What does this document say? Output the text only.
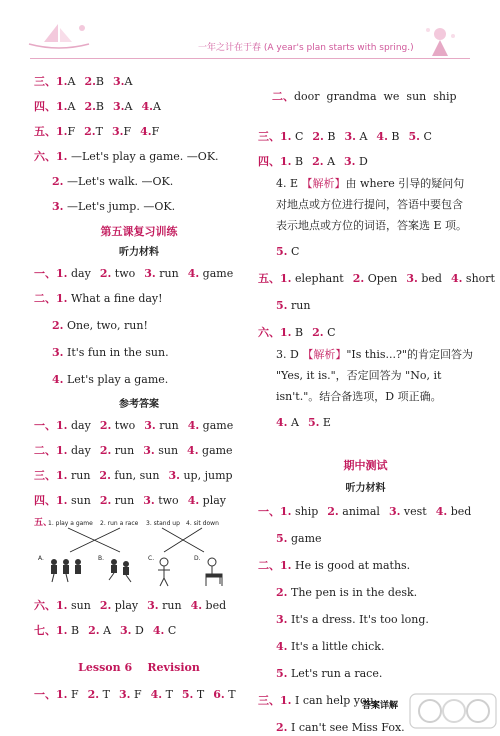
一年之计在于春 (A year's plan starts with spring.)
三、1.A 2.B 3.A
四、1.A 2.B 3.A 4.A
五、1.F 2.T 3.F 4.F
六、1. —Let's play a game. —OK.
2. —Let's walk. —OK.
3. —Let's jump. —OK.
第五课复习训练
听力材料
一、1. day 2. two 3. run 4. game
二、1. What a fine day!
2. One, two, run!
3. It's fun in the sun.
4. Let's play a game.
参考答案
一、1. day 2. two 3. run 4. game
二、1. day 2. run 3. sun 4. game
三、1. run 2. fun, sun 3. up, jump
四、1. sun 2. run 3. two 4. play
五、
1. play a game 2. run a race 3. stand up 4. sit down
A.	B.	C.	D.
六、1. sun 2. play 3. run 4. bed
七、1. B 2. A 3. D 4. C
Lesson 6    Revision
一、1. F 2. T 3. F 4. T 5. T 6. T

二、door  grandma  we  sun  ship

三、1. C 2. B 3. A 4. B 5. C
四、1. B 2. A 3. D
4. E 【解析】由 where 引导的疑问句对地点或方位进行提问，答语中要包含表示地点或方位的词语，答案选 E 项。
5. C
五、1. elephant 2. Open 3. bed 4. short
5. run
六、1. B 2. C
3. D 【解析】"Is this...?"的肯定回答为 "Yes, it is."，否定回答为 "No, it isn't."。结合备选项，D 项正确。
4. A 5. E
期中测试
听力材料
一、1. ship 2. animal 3. vest 4. bed
5. game
二、1. He is good at maths.
2. The pen is in the desk.
3. It's a dress. It's too long.
4. It's a little chick.
5. Let's run a race.
三、1. I can help you.
2. I can't see Miss Fox.
答案详解
